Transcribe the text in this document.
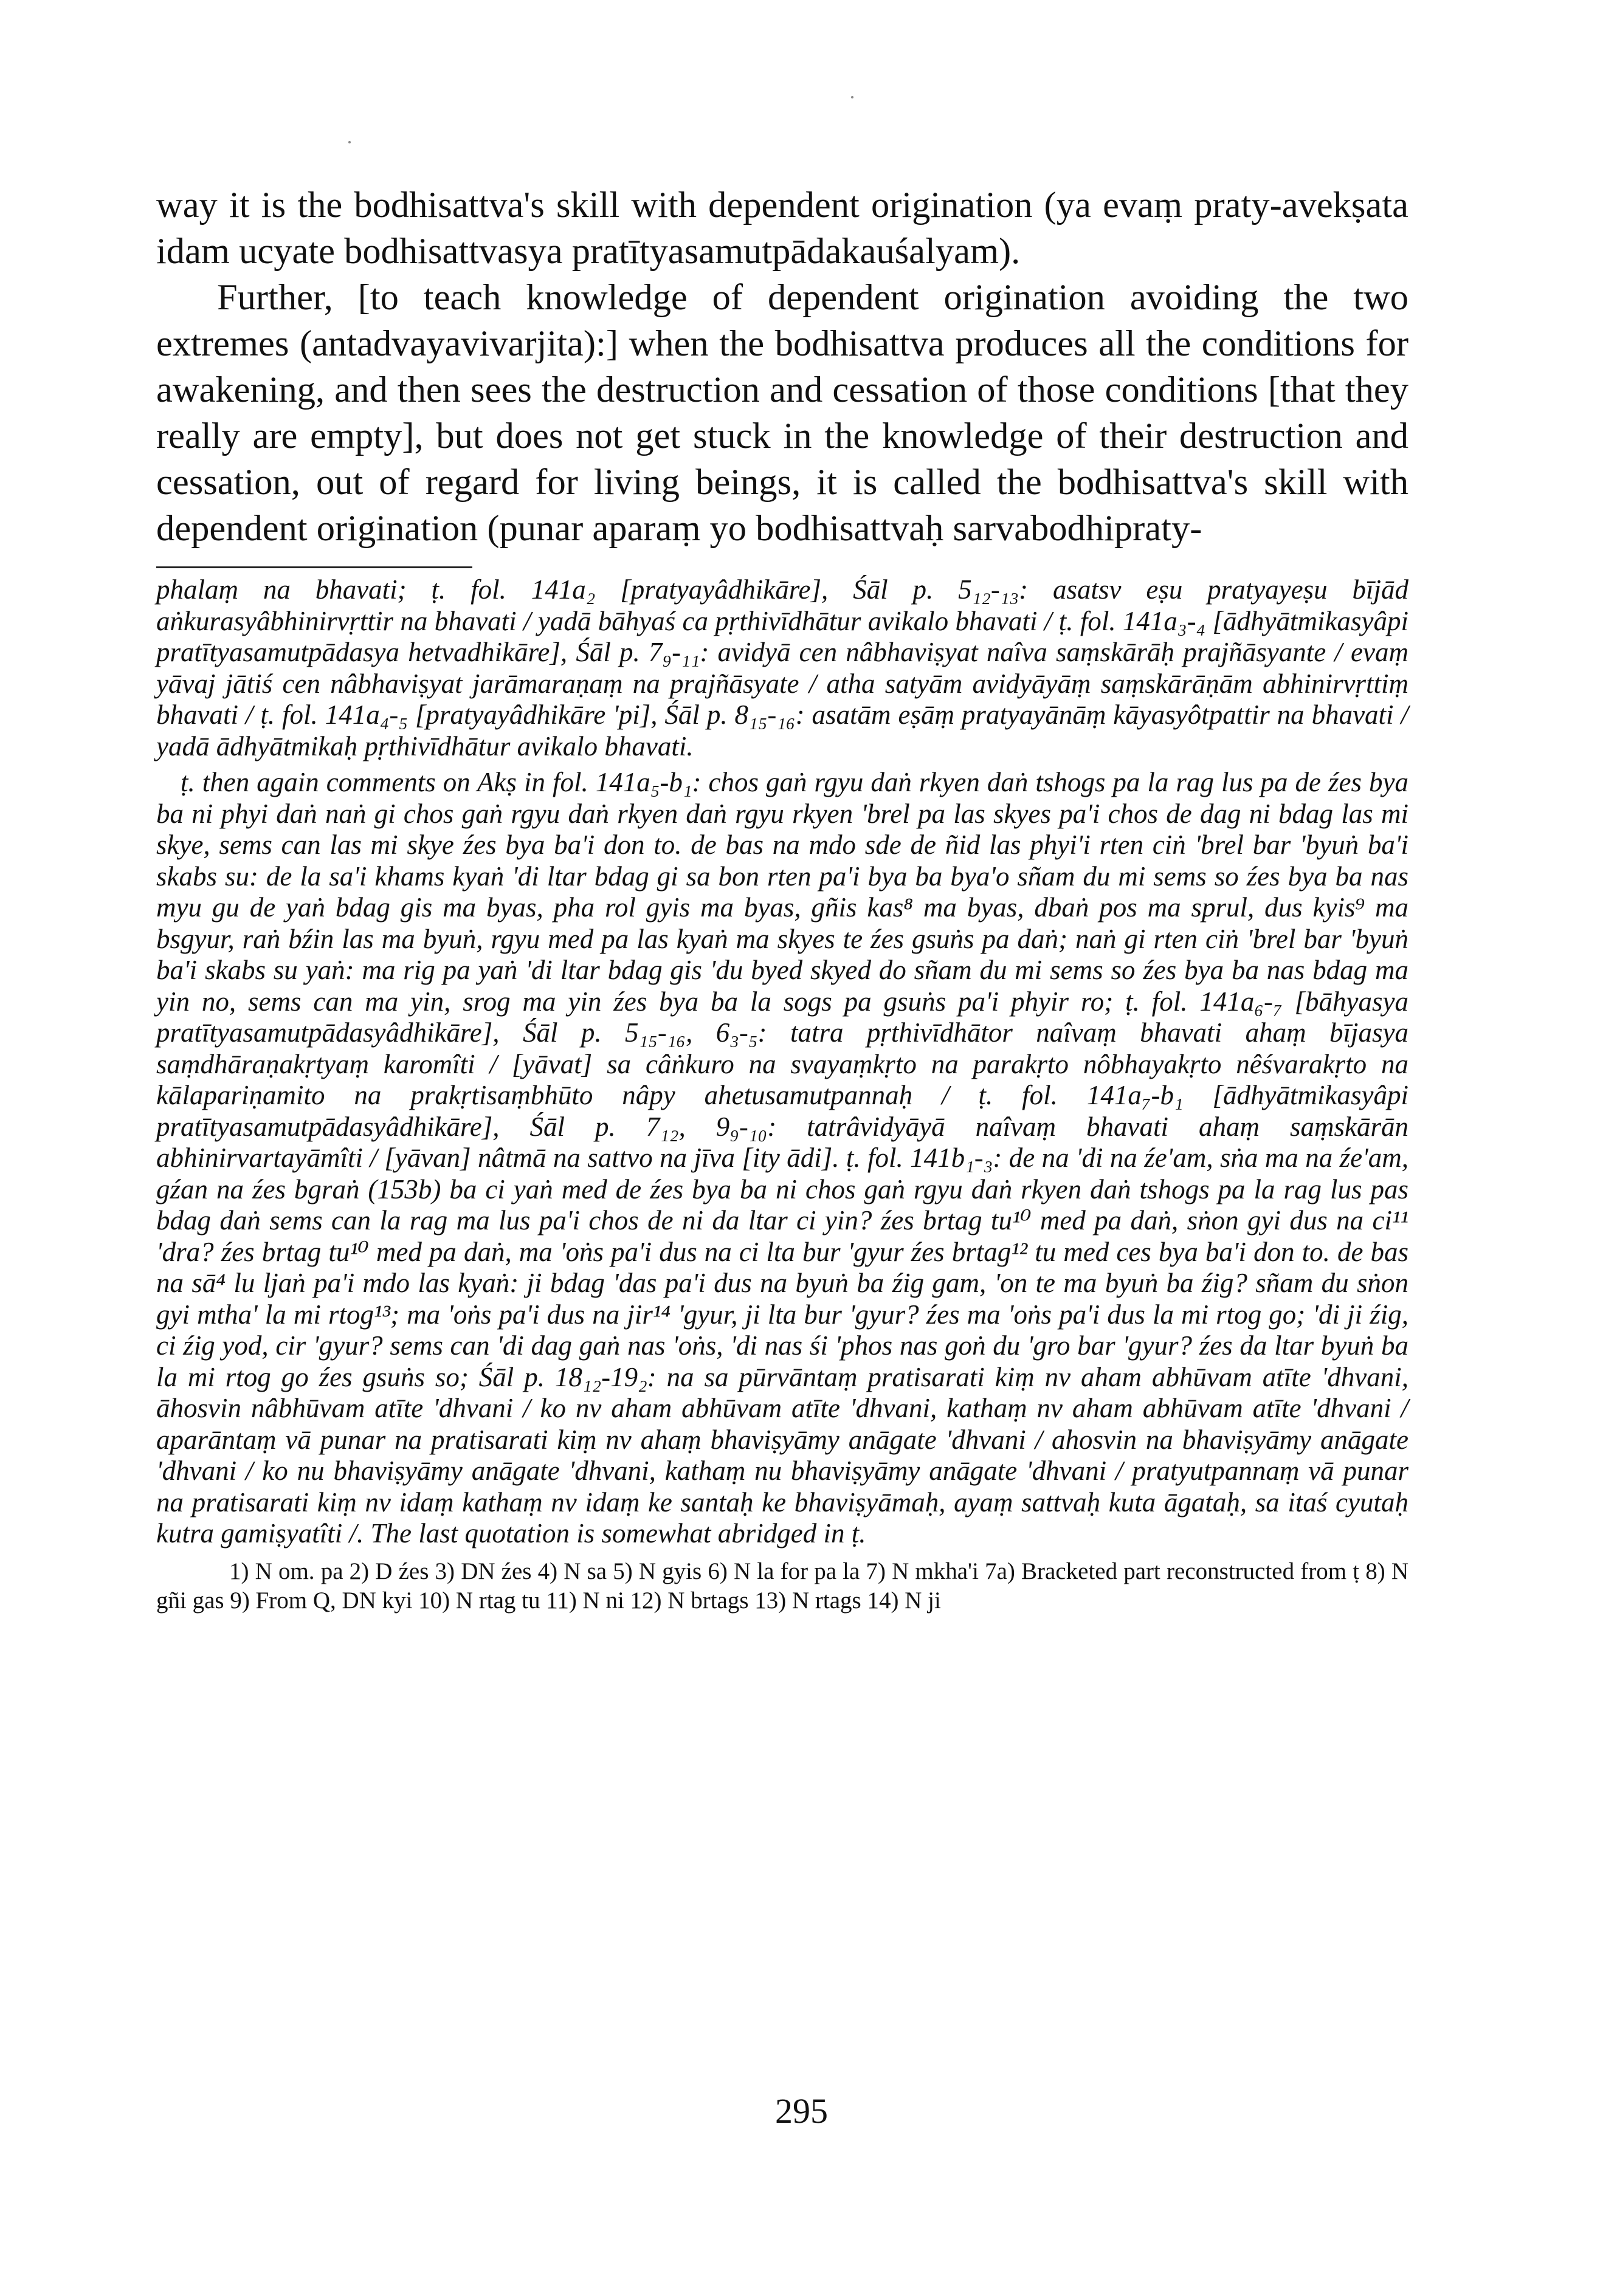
way it is the bodhisattva's skill with dependent origination (ya evaṃ praty-avekṣata idam ucyate bodhisattvasya pratītyasamutpādakauśalyam).

Further, [to teach knowledge of dependent origination avoiding the two extremes (antadvayavivarjita):] when the bodhisattva produces all the conditions for awakening, and then sees the destruction and cessation of those conditions [that they really are empty], but does not get stuck in the knowledge of their destruction and cessation, out of regard for living beings, it is called the bodhisattva's skill with dependent origination (punar aparaṃ yo bodhisattvaḥ sarvabodhipraty-

phalaṃ na bhavati; ṭ. fol. 141a₂ [pratyayâdhikāre], Śāl p. 5₁₂-₁₃: asatsv eṣu pratyayeṣu bījād aṅkurasyâbhinirvṛttir na bhavati / yadā bāhyaś ca pṛthivīdhātur avikalo bhavati / ṭ. fol. 141a₃-₄ [ādhyātmikasyâpi pratītyasamutpādasya hetvadhikāre], Śāl p. 7₉-₁₁: avidyā cen nâbhaviṣyat naîva saṃskārāḥ prajñāsyante / evaṃ yāvaj jātiś cen nâbhaviṣyat jarāmaraṇaṃ na prajñāsyate / atha satyām avidyāyāṃ saṃskārāṇām abhinirvṛttiṃ bhavati / ṭ. fol. 141a₄-₅ [pratyayâdhikāre 'pi], Śāl p. 8₁₅-₁₆: asatām eṣāṃ pratyayānāṃ kāyasyôtpattir na bhavati / yadā ādhyātmikaḥ pṛthivīdhātur avikalo bhavati.

ṭ. then again comments on Akṣ in fol. 141a₅-b₁: chos gaṅ rgyu daṅ rkyen daṅ tshogs pa la rag lus pa de źes bya ba ni phyi daṅ naṅ gi chos gaṅ rgyu daṅ rkyen daṅ rgyu rkyen 'brel pa las skyes pa'i chos de dag ni bdag las mi skye, sems can las mi skye źes bya ba'i don to. de bas na mdo sde de ñid las phyi'i rten ciṅ 'brel bar 'byuṅ ba'i skabs su: de la sa'i khams kyaṅ 'di ltar bdag gi sa bon rten pa'i bya ba bya'o sñam du mi sems so źes bya ba nas myu gu de yaṅ bdag gis ma byas, pha rol gyis ma byas, gñis kas⁸ ma byas, dbaṅ pos ma sprul, dus kyis⁹ ma bsgyur, raṅ bźin las ma byuṅ, rgyu med pa las kyaṅ ma skyes te źes gsuṅs pa daṅ; naṅ gi rten ciṅ 'brel bar 'byuṅ ba'i skabs su yaṅ: ma rig pa yaṅ 'di ltar bdag gis 'du byed skyed do sñam du mi sems so źes bya ba nas bdag ma yin no, sems can ma yin, srog ma yin źes bya ba la sogs pa gsuṅs pa'i phyir ro; ṭ. fol. 141a₆-₇ [bāhyasya pratītyasamutpādasyâdhikāre], Śāl p. 5₁₅-₁₆, 6₃-₅: tatra pṛthivīdhātor naîvaṃ bhavati ahaṃ bījasya saṃdhāraṇakṛtyaṃ karomîti / [yāvat] sa câṅkuro na svayaṃkṛto na parakṛto nôbhayakṛto nêśvarakṛto na kālapariṇamito na prakṛtisaṃbhūto nâpy ahetusamutpannaḥ / ṭ. fol. 141a₇-b₁ [ādhyātmikasyâpi pratītyasamutpādasyâdhikāre], Śāl p. 7₁₂, 9₉-₁₀: tatrâvidyāyā naîvaṃ bhavati ahaṃ saṃskārān abhinirvartayāmîti / [yāvan] nâtmā na sattvo na jīva [ity ādi]. ṭ. fol. 141b₁-₃: de na 'di na źe'am, sṅa ma na źe'am, gźan na źes bgraṅ (153b) ba ci yaṅ med de źes bya ba ni chos gaṅ rgyu daṅ rkyen daṅ tshogs pa la rag lus pas bdag daṅ sems can la rag ma lus pa'i chos de ni da ltar ci yin? źes brtag tu¹⁰ med pa daṅ, sṅon gyi dus na ci¹¹ 'dra? źes brtag tu¹⁰ med pa daṅ, ma 'oṅs pa'i dus na ci lta bur 'gyur źes brtag¹² tu med ces bya ba'i don to. de bas na sā⁴ lu ljaṅ pa'i mdo las kyaṅ: ji bdag 'das pa'i dus na byuṅ ba źig gam, 'on te ma byuṅ ba źig? sñam du sṅon gyi mtha' la mi rtog¹³; ma 'oṅs pa'i dus na jir¹⁴ 'gyur, ji lta bur 'gyur? źes ma 'oṅs pa'i dus la mi rtog go; 'di ji źig, ci źig yod, cir 'gyur? sems can 'di dag gaṅ nas 'oṅs, 'di nas śi 'phos nas goṅ du 'gro bar 'gyur? źes da ltar byuṅ ba la mi rtog go źes gsuṅs so; Śāl p. 18₁₂-19₂: na sa pūrvāntaṃ pratisarati kiṃ nv aham abhūvam atīte 'dhvani, āhosvin nâbhūvam atīte 'dhvani / ko nv aham abhūvam atīte 'dhvani, kathaṃ nv aham abhūvam atīte 'dhvani / aparāntaṃ vā punar na pratisarati kiṃ nv ahaṃ bhaviṣyāmy anāgate 'dhvani / ahosvin na bhaviṣyāmy anāgate 'dhvani / ko nu bhaviṣyāmy anāgate 'dhvani, kathaṃ nu bhaviṣyāmy anāgate 'dhvani / pratyutpannaṃ vā punar na pratisarati kiṃ nv idaṃ kathaṃ nv idaṃ ke santaḥ ke bhaviṣyāmaḥ, ayaṃ sattvaḥ kuta āgataḥ, sa itaś cyutaḥ kutra gamiṣyatîti /. The last quotation is somewhat abridged in ṭ.

1) N om. pa 2) D źes 3) DN źes 4) N sa 5) N gyis 6) N la for pa la 7) N mkha'i 7a) Bracketed part reconstructed from ṭ 8) N gñi gas 9) From Q, DN kyi 10) N rtag tu 11) N ni 12) N brtags 13) N rtags 14) N ji

295
